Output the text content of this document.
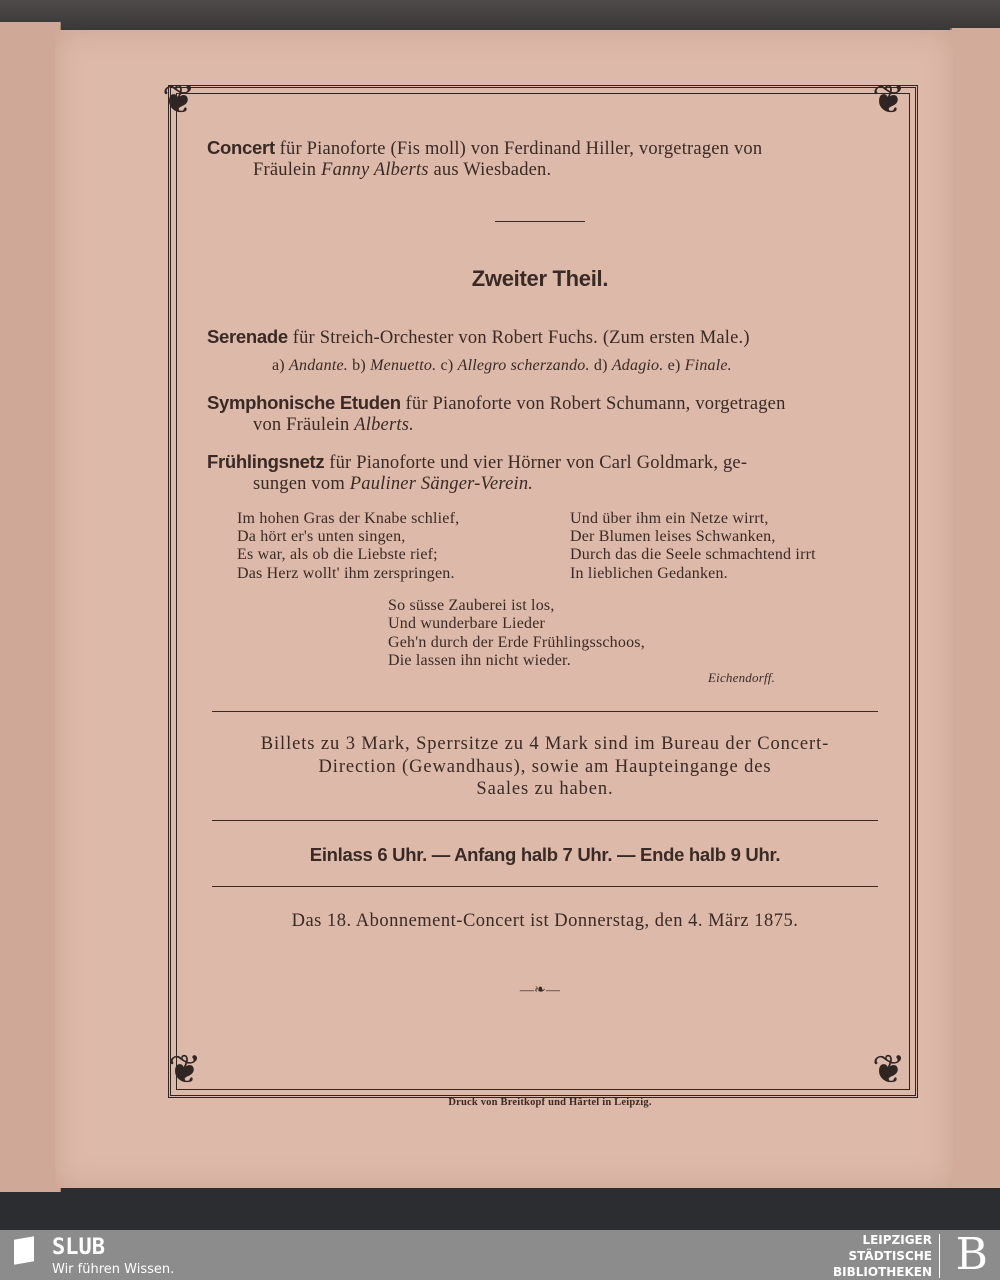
❦	❦
❦	❦
Concert für Pianoforte (Fis moll) von Ferdinand Hiller, vorgetragen von
Fräulein Fanny Alberts aus Wiesbaden.
Zweiter Theil.
Serenade für Streich-Orchester von Robert Fuchs. (Zum ersten Male.)
a) Andante. b) Menuetto. c) Allegro scherzando. d) Adagio. e) Finale.
Symphonische Etuden für Pianoforte von Robert Schumann, vorgetragen
von Fräulein Alberts.
Frühlingsnetz für Pianoforte und vier Hörner von Carl Goldmark, ge-
sungen vom Pauliner Sänger-Verein.
Im hohen Gras der Knabe schlief,
Da hört er's unten singen,
Es war, als ob die Liebste rief;
Das Herz wollt' ihm zerspringen.
Und über ihm ein Netze wirrt,
Der Blumen leises Schwanken,
Durch das die Seele schmachtend irrt
In lieblichen Gedanken.
So süsse Zauberei ist los,
Und wunderbare Lieder
Geh'n durch der Erde Frühlingsschoos,
Die lassen ihn nicht wieder.
Eichendorff.
Billets zu 3 Mark, Sperrsitze zu 4 Mark sind im Bureau der Concert-
Direction (Gewandhaus), sowie am Haupteingange des
Saales zu haben.
Einlass 6 Uhr. — Anfang halb 7 Uhr. — Ende halb 9 Uhr.
Das 18. Abonnement-Concert ist Donnerstag, den 4. März 1875.
—❧—
Druck von Breitkopf und Härtel in Leipzig.
SLUB
Wir führen Wissen.
LEIPZIGER
STÄDTISCHE
BIBLIOTHEKEN B
